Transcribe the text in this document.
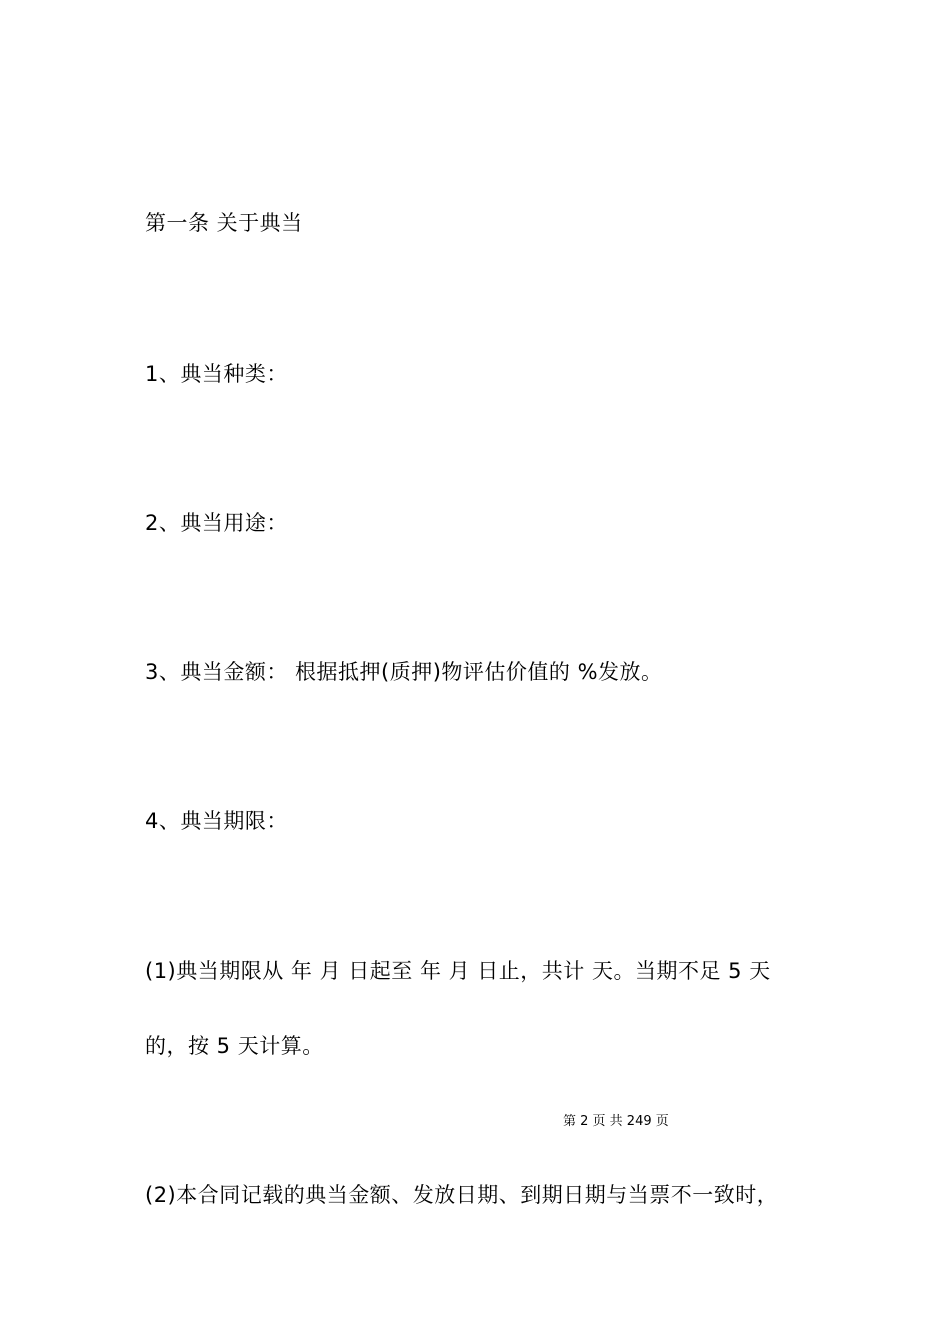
第一条 关于典当
1、典当种类：
2、典当用途：
3、典当金额： 根据抵押(质押)物评估价值的 %发放。
4、典当期限：
(1)典当期限从 年 月 日起至 年 月 日止，共计 天。当期不足 5 天
的，按 5 天计算。
第 2 页 共 249 页
(2)本合同记载的典当金额、发放日期、到期日期与当票不一致时，
